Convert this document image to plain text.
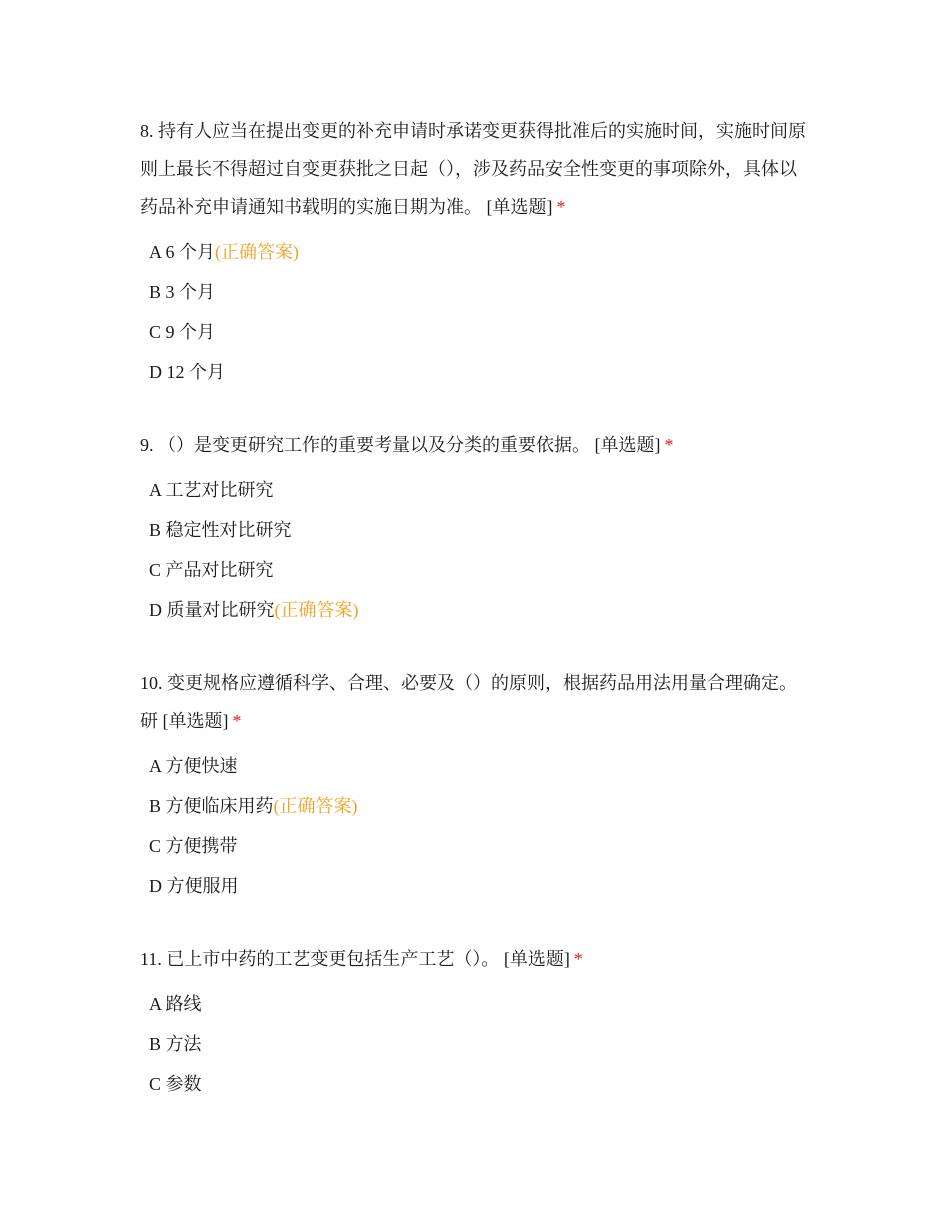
8. 持有人应当在提出变更的补充申请时承诺变更获得批准后的实施时间，实施时间原则上最长不得超过自变更获批之日起（），涉及药品安全性变更的事项除外，具体以药品补充申请通知书载明的实施日期为准。 [单选题] *

A 6 个月(正确答案)
B 3 个月
C 9 个月
D 12 个月

9. （）是变更研究工作的重要考量以及分类的重要依据。 [单选题] *

A 工艺对比研究
B 稳定性对比研究
C 产品对比研究
D 质量对比研究(正确答案)

10. 变更规格应遵循科学、合理、必要及（）的原则，根据药品用法用量合理确定。研 [单选题] *

A 方便快速
B 方便临床用药(正确答案)
C 方便携带
D 方便服用

11. 已上市中药的工艺变更包括生产工艺（）。 [单选题] *

A 路线
B 方法
C 参数
